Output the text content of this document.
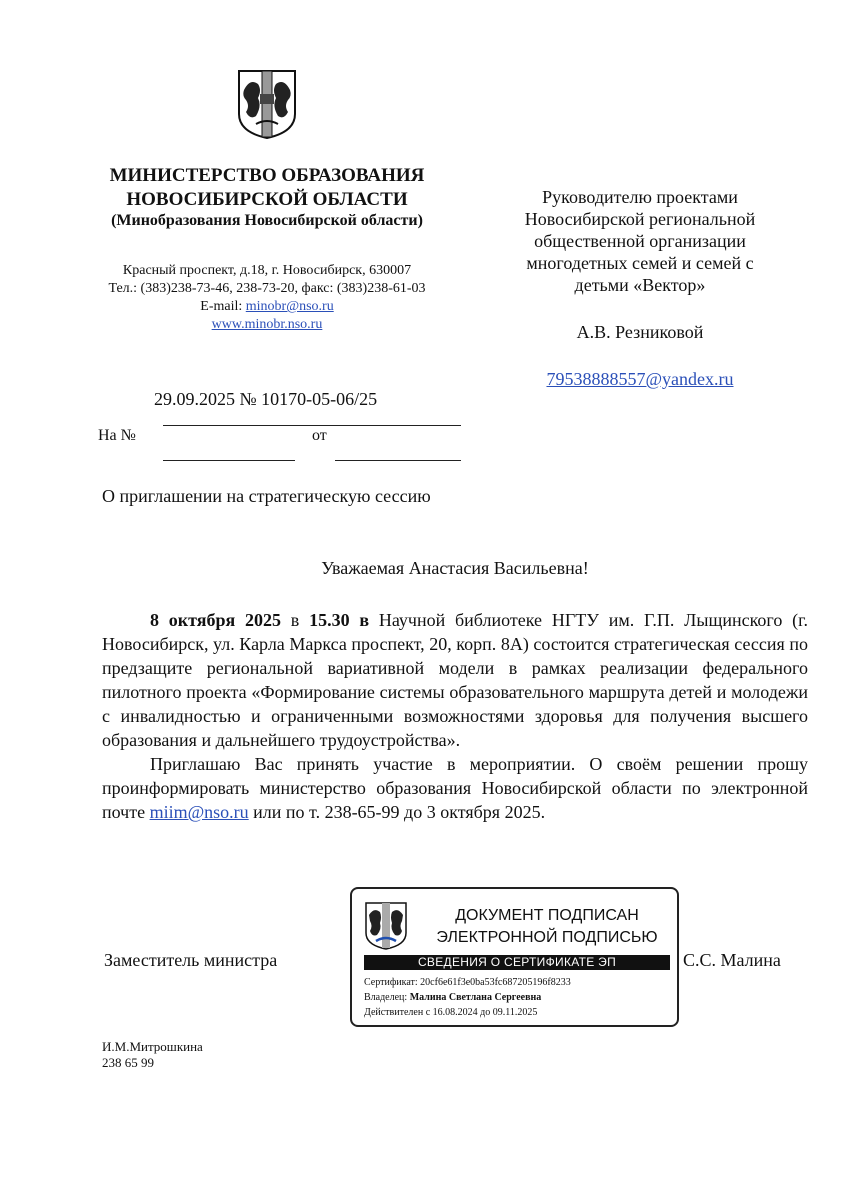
МИНИСТЕРСТВО ОБРАЗОВАНИЯ
НОВОСИБИРСКОЙ ОБЛАСТИ
(Минобразования Новосибирской области)
Красный проспект, д.18, г. Новосибирск, 630007
Тел.: (383)238-73-46, 238-73-20, факс: (383)238-61-03
E-mail: minobr@nso.ru
www.minobr.nso.ru
Руководителю проектами
Новосибирской региональной
общественной организации
многодетных семей и семей с
детьми «Вектор»
А.В. Резниковой
79538888557@yandex.ru
29.09.2025 № 10170-05-06/25
На №	от
О приглашении на стратегическую сессию
Уважаемая Анастасия Васильевна!

8 октября 2025 в 15.30 в Научной библиотеке НГТУ им. Г.П. Лыщинского (г. Новосибирск, ул. Карла Маркса проспект, 20, корп. 8А) состоится стратегическая сессия по предзащите региональной вариативной модели в рамках реализации федерального пилотного проекта «Формирование системы образовательного маршрута детей и молодежи с инвалидностью и ограниченными возможностями здоровья для получения высшего образования и дальнейшего трудоустройства».

Приглашаю Вас принять участие в мероприятии. О своём решении прошу проинформировать министерство образования Новосибирской области по электронной почте miim@nso.ru или по т. 238-65-99 до 3 октября 2025.

Заместитель министра	С.С. Малина
ДОКУМЕНТ ПОДПИСАН
ЭЛЕКТРОННОЙ ПОДПИСЬЮ
СВЕДЕНИЯ О СЕРТИФИКАТЕ ЭП
Сертификат: 20cf6e61f3e0ba53fc687205196f8233
Владелец: Малина Светлана Сергеевна
Действителен с 16.08.2024 до 09.11.2025
И.М.Митрошкина
238 65 99
